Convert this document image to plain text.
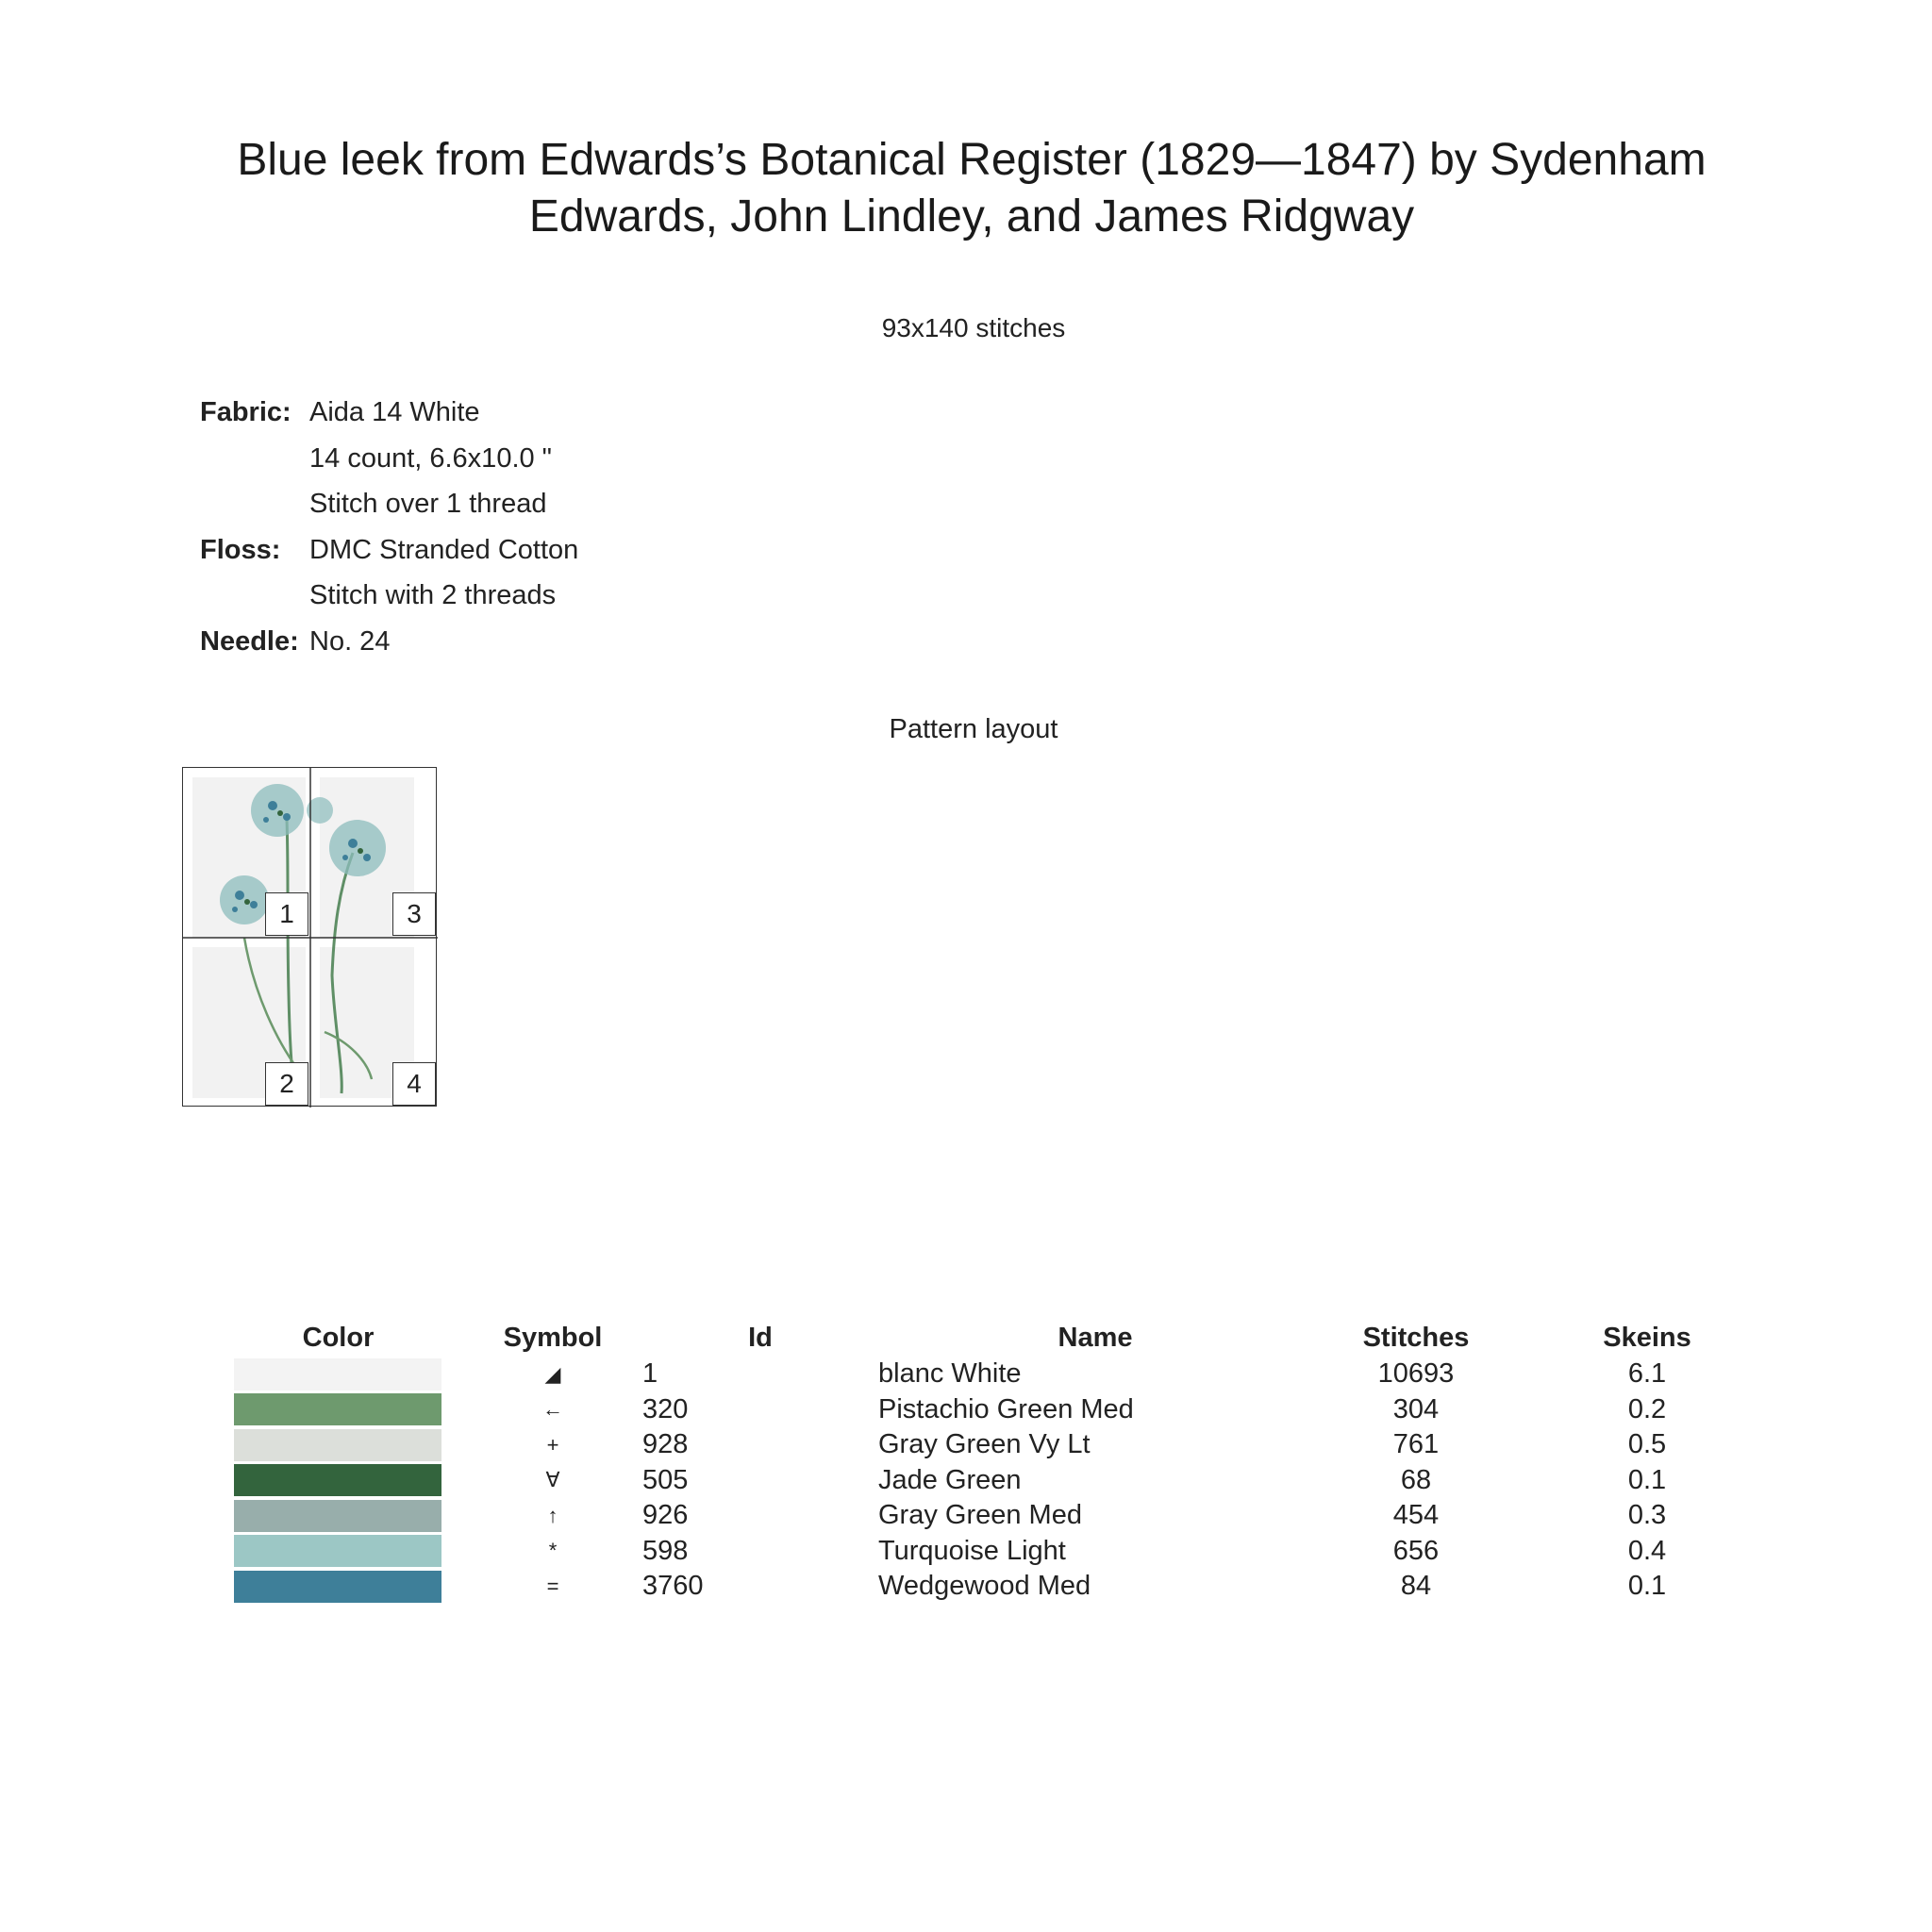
Blue leek from Edwards’s Botanical Register (1829—1847) by Sydenham Edwards, John Lindley, and James Ridgway
93x140 stitches
Fabric: Aida 14 White
14 count, 6.6x10.0 "
Stitch over 1 thread
Floss:	DMC Stranded Cotton
Stitch with 2 threads
Needle: No. 24
Pattern layout
1
2
3
4
Color	Symbol	Id	Name	Stitches	Skeins

	◢	1	blanc White	10693	6.1

	←	320	Pistachio Green Med	304	0.2

	+	928	Gray Green Vy Lt	761	0.5

	∀	505	Jade Green	68	0.1

	↑	926	Gray Green Med	454	0.3

	*	598	Turquoise Light	656	0.4

	=	3760	Wedgewood Med	84	0.1
